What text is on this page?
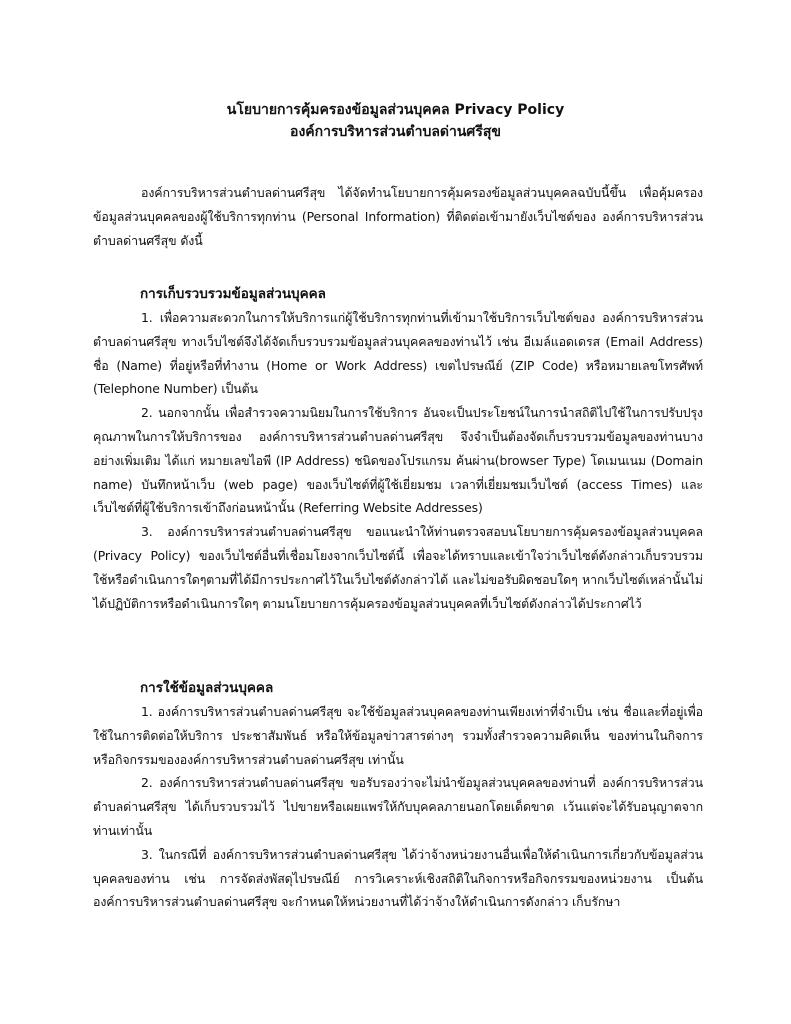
นโยบายการคุ้มครองข้อมูลส่วนบุคคล Privacy Policy
องค์การบริหารส่วนตำบลด่านศรีสุข

องค์การบริหารส่วนตำบลด่านศรีสุข ได้จัดทำนโยบายการคุ้มครองข้อมูลส่วนบุคคลฉบับนี้ขึ้น เพื่อคุ้มครองข้อมูลส่วนบุคคลของผู้ใช้บริการทุกท่าน (Personal Information) ที่ติดต่อเข้ามายังเว็บไซต์ของ องค์การบริหารส่วนตำบลด่านศรีสุข ดังนี้

การเก็บรวบรวมข้อมูลส่วนบุคคล

1. เพื่อความสะดวกในการให้บริการแก่ผู้ใช้บริการทุกท่านที่เข้ามาใช้บริการเว็บไซต์ของ องค์การบริหารส่วนตำบลด่านศรีสุข ทางเว็บไซต์จึงได้จัดเก็บรวบรวมข้อมูลส่วนบุคคลของท่านไว้ เช่น อีเมล์แอดเดรส (Email Address) ชื่อ (Name) ที่อยู่หรือที่ทำงาน (Home or Work Address) เขตไปรษณีย์ (ZIP Code) หรือหมายเลขโทรศัพท์ (Telephone Number) เป็นต้น

2. นอกจากนั้น เพื่อสำรวจความนิยมในการใช้บริการ อันจะเป็นประโยชน์ในการนำสถิติไปใช้ในการปรับปรุงคุณภาพในการให้บริการของ องค์การบริหารส่วนตำบลด่านศรีสุข จึงจำเป็นต้องจัดเก็บรวบรวมข้อมูลของท่านบางอย่างเพิ่มเติม ได้แก่ หมายเลขไอพี (IP Address) ชนิดของโปรแกรม ค้นผ่าน(browser Type) โดเมนเนม (Domain name) บันทึกหน้าเว็บ (web page) ของเว็บไซต์ที่ผู้ใช้เยี่ยมชม เวลาที่เยี่ยมชมเว็บไซต์ (access Times) และเว็บไซต์ที่ผู้ใช้บริการเข้าถึงก่อนหน้านั้น (Referring Website Addresses)

3. องค์การบริหารส่วนตำบลด่านศรีสุข ขอแนะนำให้ท่านตรวจสอบนโยบายการคุ้มครองข้อมูลส่วนบุคคล (Privacy Policy) ของเว็บไซต์อื่นที่เชื่อมโยงจากเว็บไซต์นี้ เพื่อจะได้ทราบและเข้าใจว่าเว็บไซต์ดังกล่าวเก็บรวบรวม ใช้หรือดำเนินการใดๆตามที่ได้มีการประกาศไว้ในเว็บไซต์ดังกล่าวได้ และไม่ขอรับผิดชอบใดๆ หากเว็บไซต์เหล่านั้นไม่ได้ปฏิบัติการหรือดำเนินการใดๆ ตามนโยบายการคุ้มครองข้อมูลส่วนบุคคลที่เว็บไซต์ดังกล่าวได้ประกาศไว้

การใช้ข้อมูลส่วนบุคคล

1. องค์การบริหารส่วนตำบลด่านศรีสุข จะใช้ข้อมูลส่วนบุคคลของท่านเพียงเท่าที่จำเป็น เช่น ชื่อและที่อยู่เพื่อใช้ในการติดต่อให้บริการ ประชาสัมพันธ์ หรือให้ข้อมูลข่าวสารต่างๆ รวมทั้งสำรวจความคิดเห็น ของท่านในกิจการหรือกิจกรรมขององค์การบริหารส่วนตำบลด่านศรีสุข เท่านั้น

2. องค์การบริหารส่วนตำบลด่านศรีสุข ขอรับรองว่าจะไม่นำข้อมูลส่วนบุคคลของท่านที่ องค์การบริหารส่วนตำบลด่านศรีสุข ได้เก็บรวบรวมไว้ ไปขายหรือเผยแพร่ให้กับบุคคลภายนอกโดยเด็ดขาด เว้นแต่จะได้รับอนุญาตจากท่านเท่านั้น

3. ในกรณีที่ องค์การบริหารส่วนตำบลด่านศรีสุข ได้ว่าจ้างหน่วยงานอื่นเพื่อให้ดำเนินการเกี่ยวกับข้อมูลส่วนบุคคลของท่าน เช่น การจัดส่งพัสดุไปรษณีย์ การวิเคราะห์เชิงสถิติในกิจการหรือกิจกรรมของหน่วยงาน เป็นต้น องค์การบริหารส่วนตำบลด่านศรีสุข จะกำหนดให้หน่วยงานที่ได้ว่าจ้างให้ดำเนินการดังกล่าว เก็บรักษา
